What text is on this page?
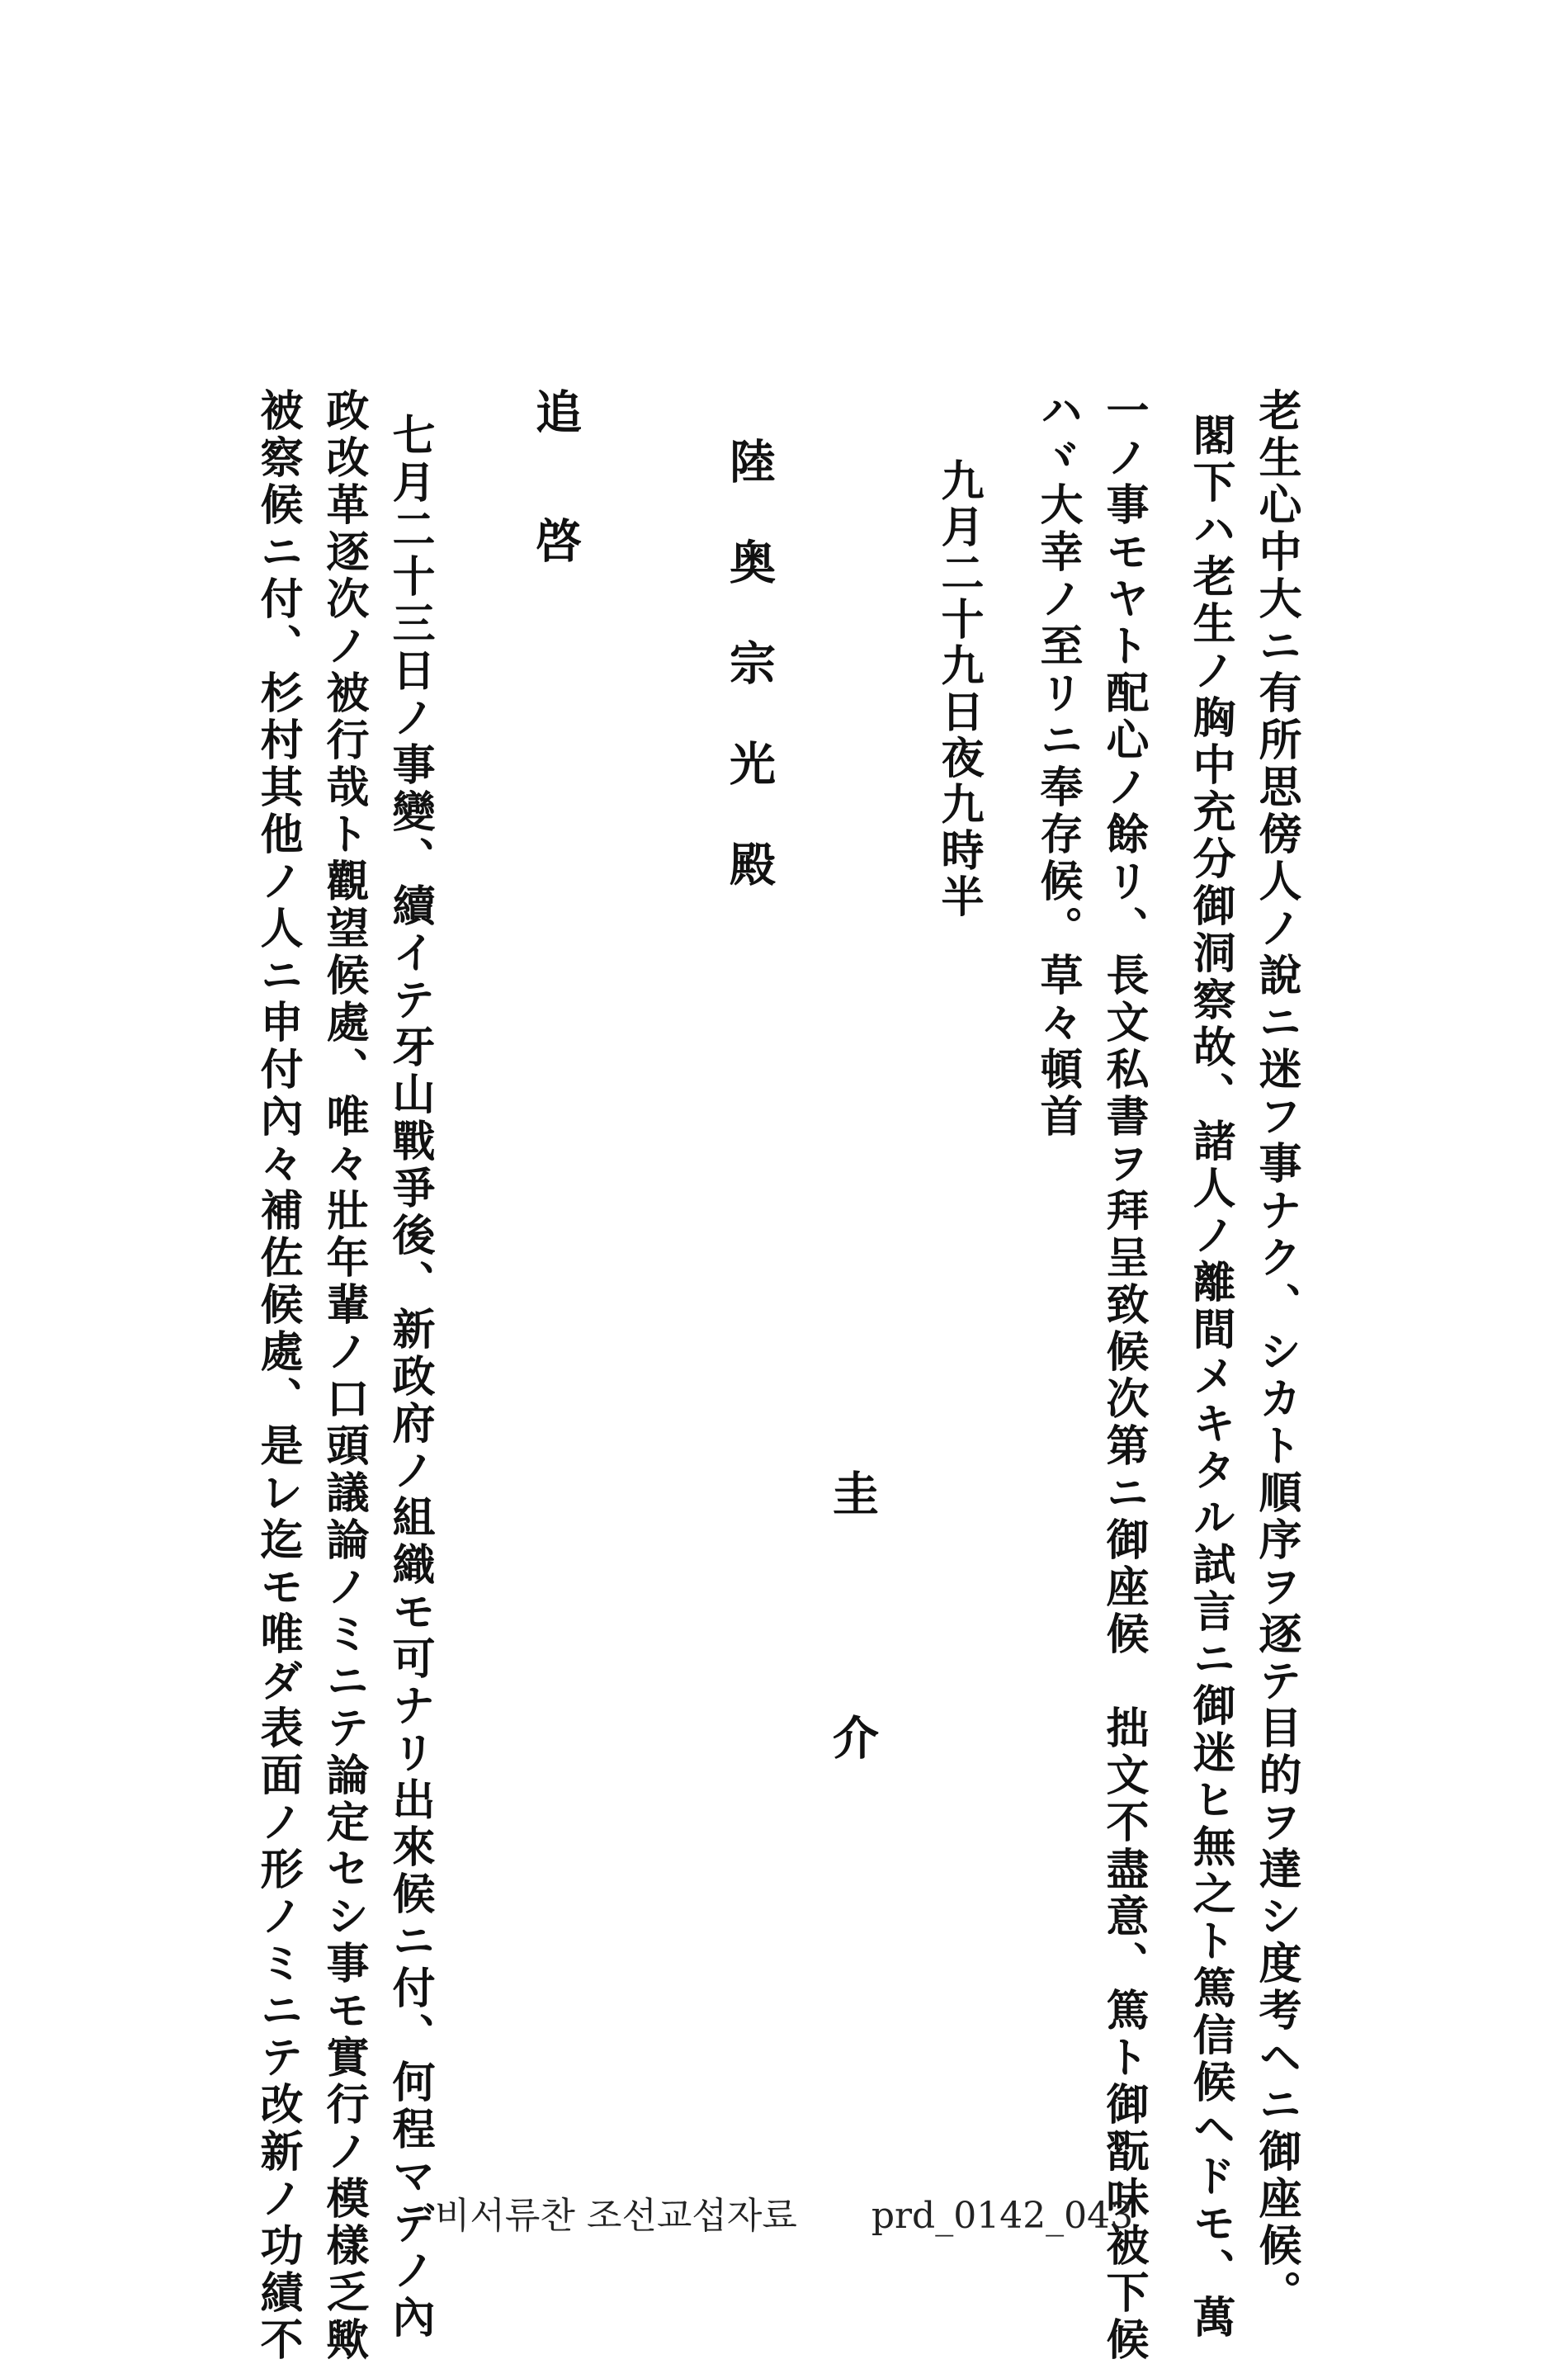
老生心中大ニ有所思傍人ノ說ニ迷フ事ナク、シカト順序ヲ逐テ目的ヲ達シ度考ヘニ御座候。
閣下ハ老生ノ胸中充分御洞察故、諸人ノ離間メキタル試言ニ御迷ヒ無之ト篤信候ヘドモ、萬
一ノ事モヤト配心ノ餘リ、長文私書ヲ拜呈致候次第ニ御座候　拙文不盡意、篤ト御翫味被下候
ハヾ大幸ノ至リニ奉存候。草々頓首
九月二十九日夜九時半
圭介
陸奥宗光殿
追啓
七月二十三日ノ事變、續イテ牙山戰爭後、新政府ノ組織モ可ナリ出來候ニ付、何程マデノ內
政改革逐次ノ被行哉ト觀望候處、唯々壯年輩ノ口頭議論ノミニテ論定セシ事モ實行ノ模樣乏歟
被察候ニ付、杉村其他ノ人ニ申付內々補佐候處、是レ迄モ唯ダ表面ノ形ノミニテ改新ノ功績不	비서류찬 조선교섭자료 prd_0142_043
